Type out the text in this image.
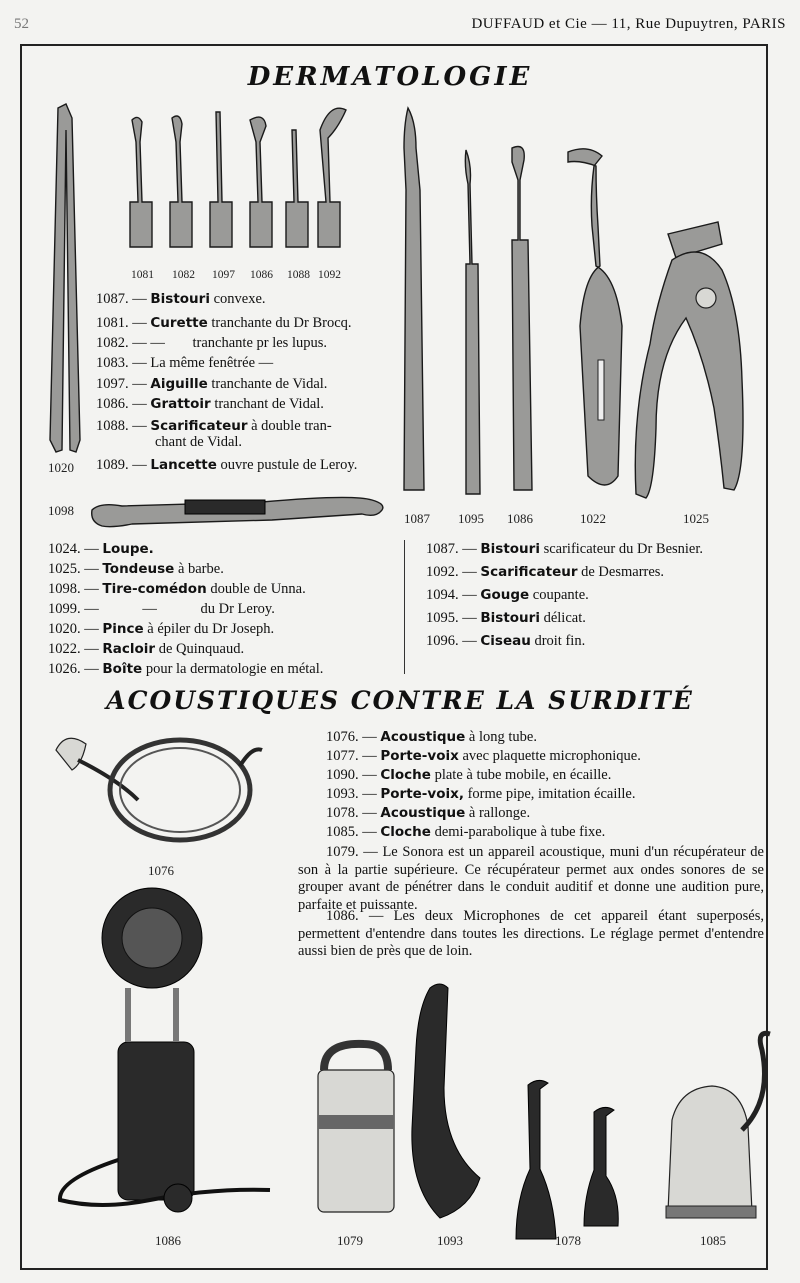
52	DUFFAUD et Cie — 11, Rue Dupuytren, PARIS
DERMATOLOGIE
1081 1082 1097 1086 1088 1092
1020
1098
1087 1095 1086	1022	1025
1087. — Bistouri convexe.
1081. — Curette tranchante du Dr Brocq.
1082. — — tranchante pr les lupus.
1083. — La même fenêtrée —
1097. — Aiguille tranchante de Vidal.
1086. — Grattoir tranchant de Vidal.
1088. — Scarificateur à double tran-
chant de Vidal.
1089. — Lancette ouvre pustule de Leroy.
1024. — Loupe.
1025. — Tondeuse à barbe.
1098. — Tire-comédon double de Unna.
1099. —	—	du Dr Leroy.
1020. — Pince à épiler du Dr Joseph.
1022. — Racloir de Quinquaud.
1026. — Boîte pour la dermatologie en métal.
1087. — Bistouri scarificateur du Dr Besnier.
1092. — Scarificateur de Desmarres.
1094. — Gouge coupante.
1095. — Bistouri délicat.
1096. — Ciseau droit fin.
ACOUSTIQUES CONTRE LA SURDITÉ
1076
1076. — Acoustique à long tube.
1077. — Porte-voix avec plaquette microphonique.
1090. — Cloche plate à tube mobile, en écaille.
1093. — Porte-voix, forme pipe, imitation écaille.
1078. — Acoustique à rallonge.
1085. — Cloche demi-parabolique à tube fixe.
1079. — Le Sonora est un appareil acoustique, muni d'un récupérateur de son à la partie supérieure. Ce récupérateur permet aux ondes sonores de se grouper avant de pénétrer dans le conduit auditif et donne une audition pure, parfaite et puissante.
1086. — Les deux Microphones de cet appareil étant superposés, permettent d'entendre dans toutes les directions. Le réglage permet d'entendre aussi bien de près que de loin.
1086	1079	1093	1078	1085
